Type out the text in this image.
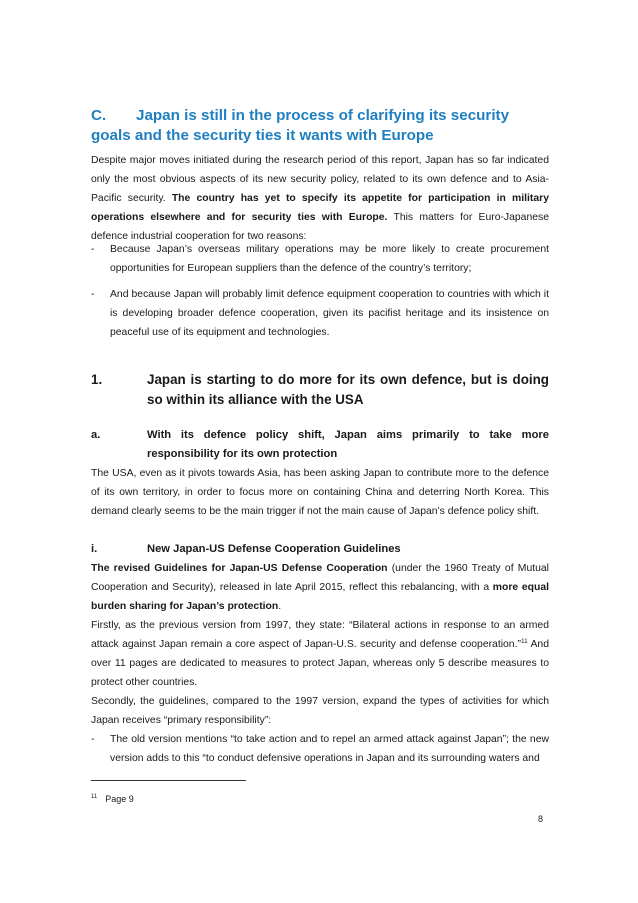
C. Japan is still in the process of clarifying its security goals and the security ties it wants with Europe

Despite major moves initiated during the research period of this report, Japan has so far indicated only the most obvious aspects of its new security policy, related to its own defence and to Asia-Pacific security. The country has yet to specify its appetite for participation in military operations elsewhere and for security ties with Europe. This matters for Euro-Japanese defence industrial cooperation for two reasons:

- Because Japan’s overseas military operations may be more likely to create procurement opportunities for European suppliers than the defence of the country’s territory;
- And because Japan will probably limit defence equipment cooperation to countries with which it is developing broader defence cooperation, given its pacifist heritage and its insistence on peaceful use of its equipment and technologies.
1.	Japan is starting to do more for its own defence, but is doing so within its alliance with the USA
a.	With its defence policy shift, Japan aims primarily to take more responsibility for its own protection

The USA, even as it pivots towards Asia, has been asking Japan to contribute more to the defence of its own territory, in order to focus more on containing China and deterring North Korea. This demand clearly seems to be the main trigger if not the main cause of Japan’s defence policy shift.

i.	New Japan-US Defense Cooperation Guidelines

The revised Guidelines for Japan-US Defense Cooperation (under the 1960 Treaty of Mutual Cooperation and Security), released in late April 2015, reflect this rebalancing, with a more equal burden sharing for Japan’s protection.

Firstly, as the previous version from 1997, they state: “Bilateral actions in response to an armed attack against Japan remain a core aspect of Japan-U.S. security and defense cooperation.”$^{11}$ And over 11 pages are dedicated to measures to protect Japan, whereas only 5 describe measures to protect other countries.

Secondly, the guidelines, compared to the 1997 version, expand the types of activities for which Japan receives “primary responsibility”:

- The old version mentions “to take action and to repel an armed attack against Japan”; the new version adds to this “to conduct defensive operations in Japan and its surrounding waters and
$^{11}$ Page 9
8
